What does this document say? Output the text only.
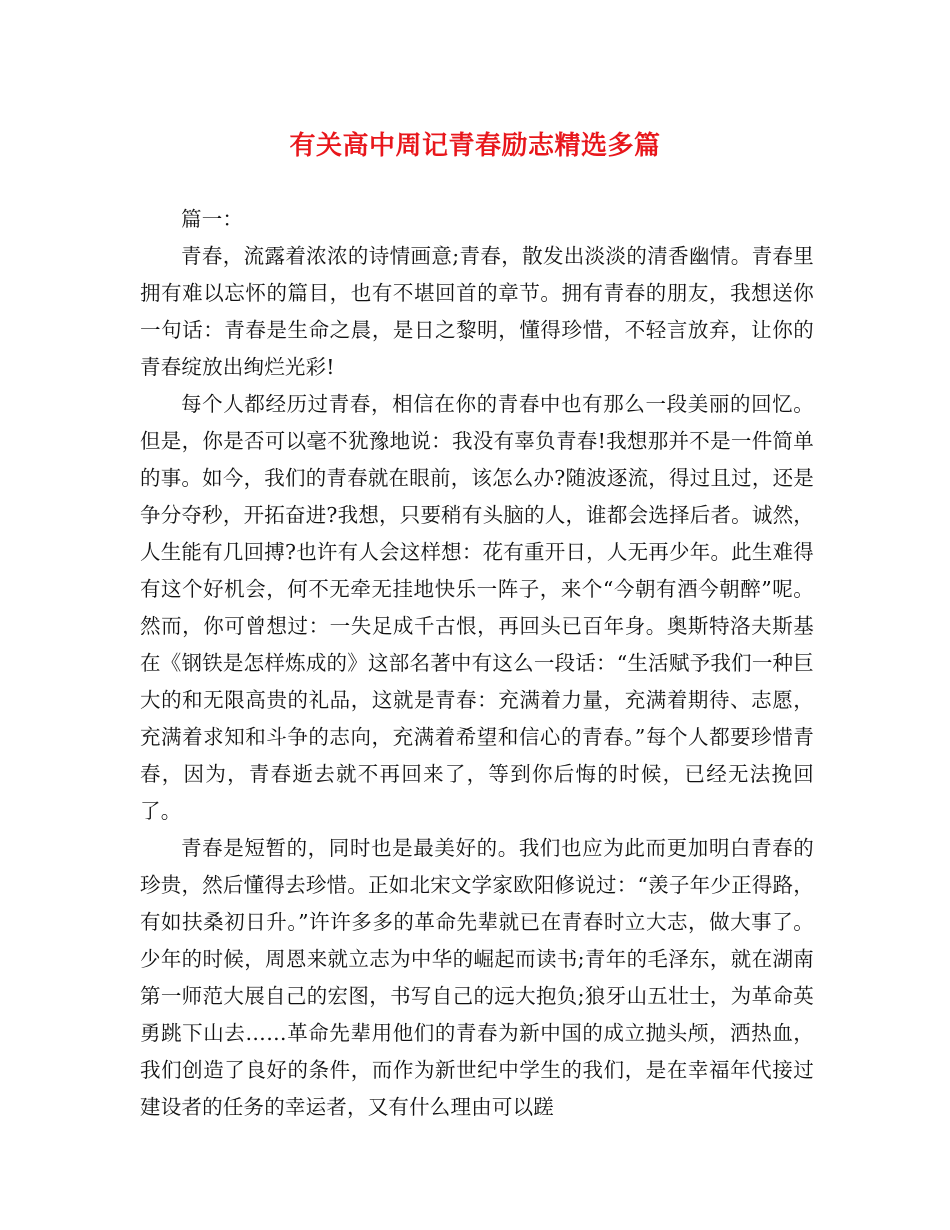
有关高中周记青春励志精选多篇

篇一：

青春，流露着浓浓的诗情画意;青春，散发出淡淡的清香幽情。青春里拥有难以忘怀的篇目，也有不堪回首的章节。拥有青春的朋友，我想送你一句话：青春是生命之晨，是日之黎明，懂得珍惜，不轻言放弃，让你的青春绽放出绚烂光彩!

每个人都经历过青春，相信在你的青春中也有那么一段美丽的回忆。但是，你是否可以毫不犹豫地说：我没有辜负青春!我想那并不是一件简单的事。如今，我们的青春就在眼前，该怎么办?随波逐流，得过且过，还是争分夺秒，开拓奋进?我想，只要稍有头脑的人，谁都会选择后者。诚然，人生能有几回搏?也许有人会这样想：花有重开日，人无再少年。此生难得有这个好机会，何不无牵无挂地快乐一阵子，来个“今朝有酒今朝醉”呢。然而，你可曾想过：一失足成千古恨，再回头已百年身。奥斯特洛夫斯基在《钢铁是怎样炼成的》这部名著中有这么一段话：“生活赋予我们一种巨大的和无限高贵的礼品，这就是青春：充满着力量，充满着期待、志愿，充满着求知和斗争的志向，充满着希望和信心的青春。”每个人都要珍惜青春，因为，青春逝去就不再回来了，等到你后悔的时候，已经无法挽回了。

青春是短暂的，同时也是最美好的。我们也应为此而更加明白青春的珍贵，然后懂得去珍惜。正如北宋文学家欧阳修说过：“羡子年少正得路，有如扶桑初日升。”许许多多的革命先辈就已在青春时立大志，做大事了。少年的时候，周恩来就立志为中华的崛起而读书;青年的毛泽东，就在湖南第一师范大展自己的宏图，书写自己的远大抱负;狼牙山五壮士，为革命英勇跳下山去……革命先辈用他们的青春为新中国的成立抛头颅，洒热血，我们创造了良好的条件，而作为新世纪中学生的我们，是在幸福年代接过建设者的任务的幸运者，又有什么理由可以蹉
